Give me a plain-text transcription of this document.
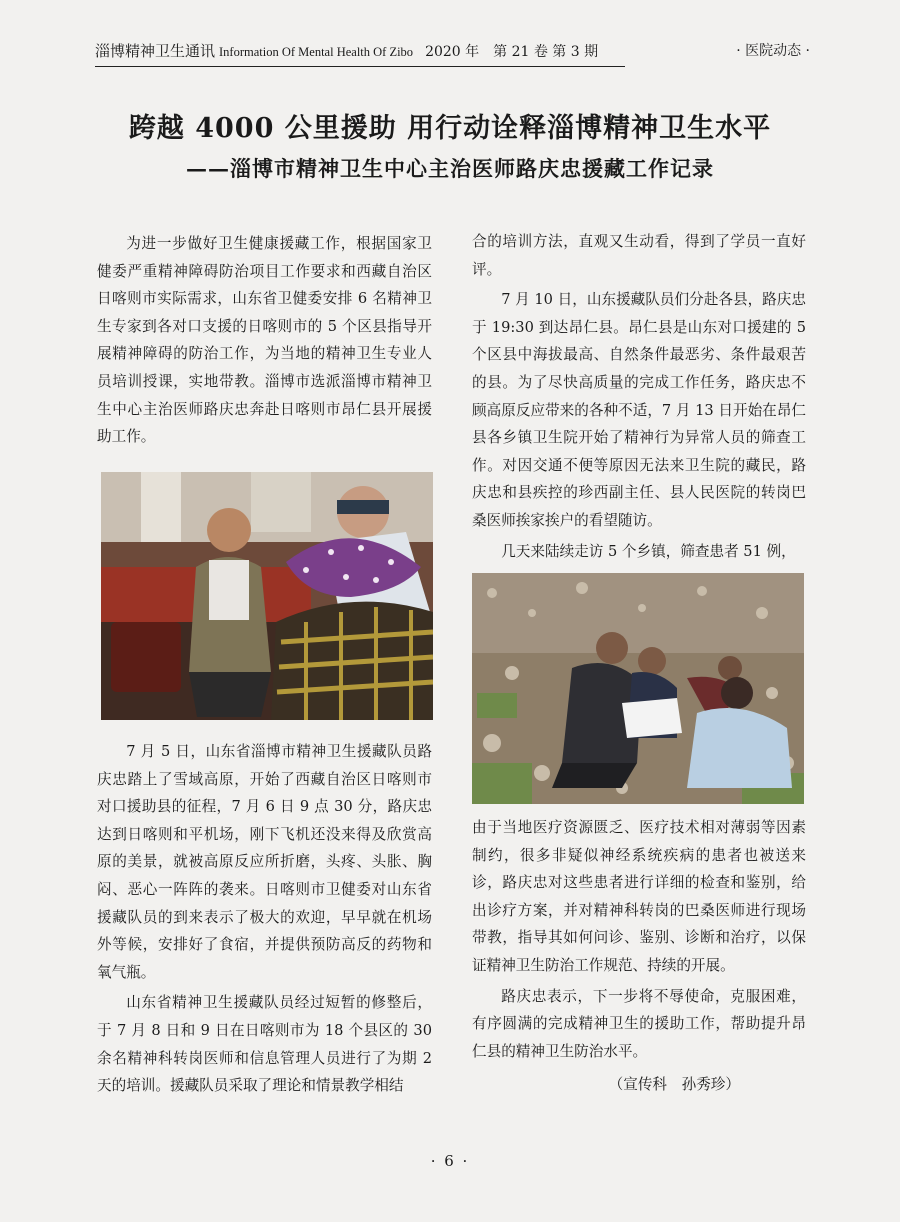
淄博精神卫生通讯 Information Of Mental Health Of Zibo 2020 年　第 21 卷 第 3 期	· 医院动态 ·
跨越 4000 公里援助 用行动诠释淄博精神卫生水平
——淄博市精神卫生中心主治医师路庆忠援藏工作记录

为进一步做好卫生健康援藏工作，根据国家卫健委严重精神障碍防治项目工作要求和西藏自治区日喀则市实际需求，山东省卫健委安排 6 名精神卫生专家到各对口支援的日喀则市的 5 个区县指导开展精神障碍的防治工作，为当地的精神卫生专业人员培训授课，实地带教。淄博市选派淄博市精神卫生中心主治医师路庆忠奔赴日喀则市昂仁县开展援助工作。

7 月 5 日，山东省淄博市精神卫生援藏队员路庆忠踏上了雪域高原，开始了西藏自治区日喀则市对口援助县的征程，7 月 6 日 9 点 30 分，路庆忠达到日喀则和平机场，刚下飞机还没来得及欣赏高原的美景，就被高原反应所折磨，头疼、头胀、胸闷、恶心一阵阵的袭来。日喀则市卫健委对山东省援藏队员的到来表示了极大的欢迎，早早就在机场外等候，安排好了食宿，并提供预防高反的药物和氧气瓶。

山东省精神卫生援藏队员经过短暂的修整后，于 7 月 8 日和 9 日在日喀则市为 18 个县区的 30 余名精神科转岗医师和信息管理人员进行了为期 2 天的培训。援藏队员采取了理论和情景教学相结

合的培训方法，直观又生动看，得到了学员一直好评。

7 月 10 日，山东援藏队员们分赴各县，路庆忠于 19:30 到达昂仁县。昂仁县是山东对口援建的 5 个区县中海拔最高、自然条件最恶劣、条件最艰苦的县。为了尽快高质量的完成工作任务，路庆忠不顾高原反应带来的各种不适，7 月 13 日开始在昂仁县各乡镇卫生院开始了精神行为异常人员的筛查工作。对因交通不便等原因无法来卫生院的藏民，路庆忠和县疾控的珍西副主任、县人民医院的转岗巴桑医师挨家挨户的看望随访。

几天来陆续走访 5 个乡镇，筛查患者 51 例，

由于当地医疗资源匮乏、医疗技术相对薄弱等因素制约，很多非疑似神经系统疾病的患者也被送来诊，路庆忠对这些患者进行详细的检查和鉴别，给出诊疗方案，并对精神科转岗的巴桑医师进行现场带教，指导其如何问诊、鉴别、诊断和治疗，以保证精神卫生防治工作规范、持续的开展。

路庆忠表示，下一步将不辱使命，克服困难，有序圆满的完成精神卫生的援助工作，帮助提升昂仁县的精神卫生防治水平。

（宣传科　孙秀珍）

· 6 ·
